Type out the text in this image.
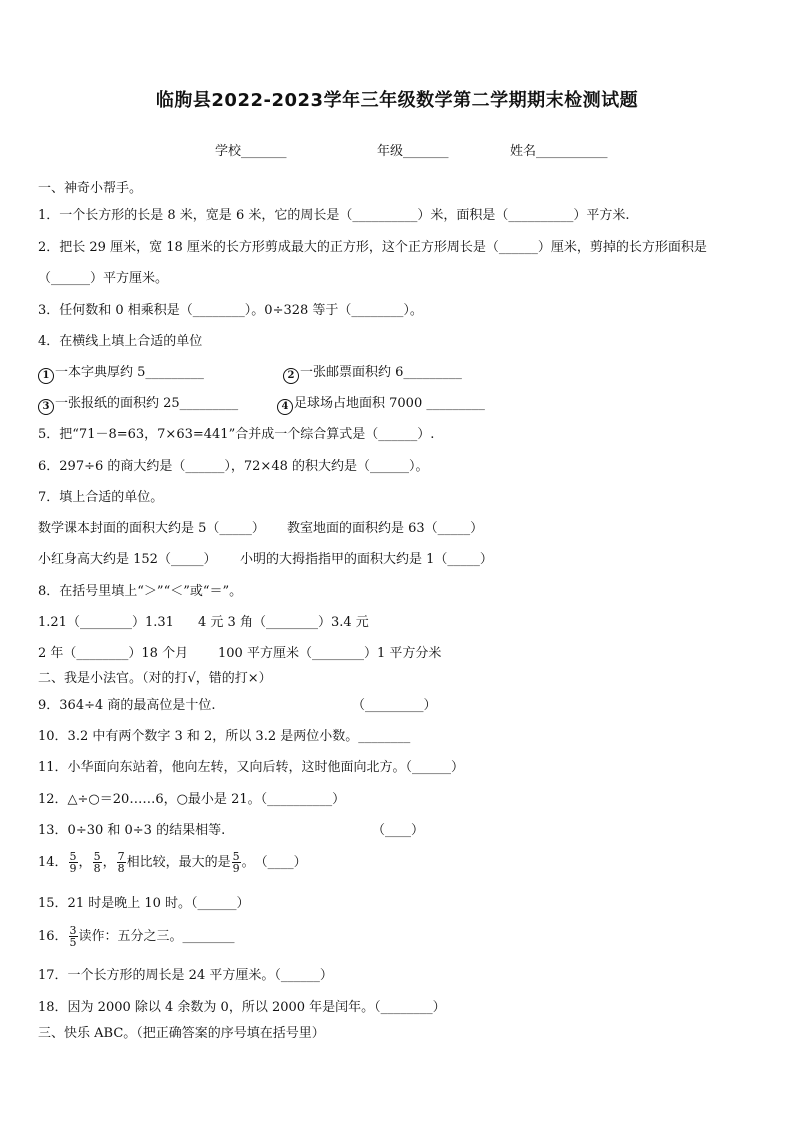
临朐县2022-2023学年三年级数学第二学期期末检测试题
学校_______	年级_______	姓名___________
一、神奇小帮手。
1．一个长方形的长是 8 米，宽是 6 米，它的周长是（__________）米，面积是（__________）平方米.
2．把长 29 厘米，宽 18 厘米的长方形剪成最大的正方形，这个正方形周长是（______）厘米，剪掉的长方形面积是
（______）平方厘米。
3．任何数和 0 相乘积是（________）。0÷328 等于（________）。
4．在横线上填上合适的单位
1 一本字典厚约 5_________	2 一张邮票面积约 6_________
3 一张报纸的面积约 25_________	4 足球场占地面积 7000 _________
5．把“71－8=63，7×63=441”合并成一个综合算式是（______）.
6．297÷6 的商大约是（______），72×48 的积大约是（______）。
7．填上合适的单位。
数学课本封面的面积大约是 5（_____） 教室地面的面积约是 63（_____）
小红身高大约是 152（_____） 小明的大拇指指甲的面积大约是 1（_____）
8．在括号里填上“＞”“＜”或“＝”。
1.21（________）1.31 4 元 3 角（________）3.4 元
2 年（________）18 个月 100 平方厘米（________）1 平方分米
二、我是小法官。（对的打√，错的打×）
9．364÷4 商的最高位是十位.	（_________）
10．3.2 中有两个数字 3 和 2，所以 3.2 是两位小数。________
11．小华面向东站着，他向左转，又向后转，这时他面向北方。（______）
12．△÷○＝20……6，○最小是 21。（__________）
13．0÷30 和 0÷3 的结果相等.	（____）
14． $\frac{5}{9}$ ， $\frac{5}{8}$ ， $\frac{7}{8}$ 相比较，最大的是 $\frac{5}{9}$ 。　（____）
15．21 时是晚上 10 时。（______）
16． $\frac{3}{5}$ 读作：五分之三。________
17．一个长方形的周长是 24 平方厘米。（______）
18．因为 2000 除以 4 余数为 0，所以 2000 年是闰年。（________）
三、快乐 ABC。（把正确答案的序号填在括号里）
